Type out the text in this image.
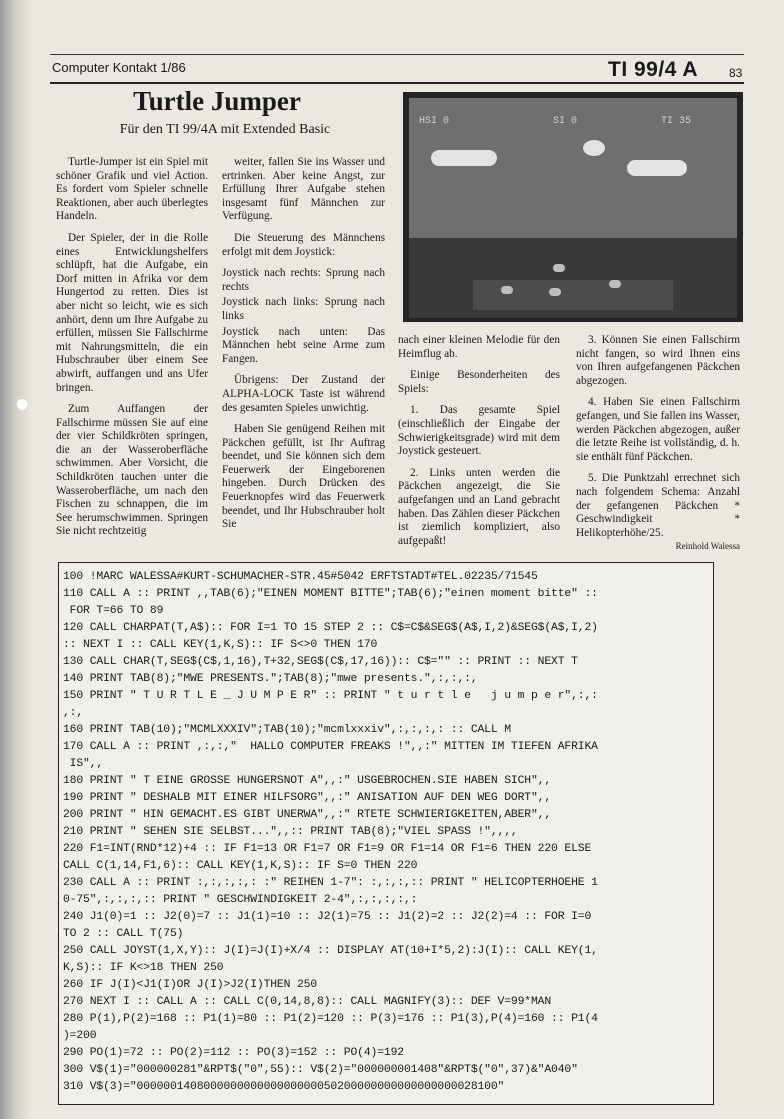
Computer Kontakt 1/86	TI 99/4 A	83
Turtle Jumper
Für den TI 99/4A mit Extended Basic
HSI 0	SI 0	TI 35

Turtle-Jumper ist ein Spiel mit schöner Grafik und viel Action. Es fordert vom Spieler schnelle Reaktionen, aber auch überlegtes Handeln.

Der Spieler, der in die Rolle eines Entwicklungshelfers schlüpft, hat die Aufgabe, ein Dorf mitten in Afrika vor dem Hungertod zu retten. Dies ist aber nicht so leicht, wie es sich anhört, denn um Ihre Aufgabe zu erfüllen, müssen Sie Fallschirme mit Nahrungsmitteln, die ein Hubschrauber über einem See abwirft, auffangen und ans Ufer bringen.

Zum Auffangen der Fallschirme müssen Sie auf eine der vier Schildkröten springen, die an der Wasseroberfläche schwimmen. Aber Vorsicht, die Schildkröten tauchen unter die Wasseroberfläche, um nach den Fischen zu schnappen, die im See herumschwimmen. Springen Sie nicht rechtzeitig

weiter, fallen Sie ins Wasser und ertrinken. Aber keine Angst, zur Erfüllung Ihrer Aufgabe stehen insgesamt fünf Männchen zur Verfügung.

Die Steuerung des Männchens erfolgt mit dem Joystick:

Joystick nach rechts: Sprung nach rechts

Joystick nach links: Sprung nach links

Joystick nach unten: Das Männchen hebt seine Arme zum Fangen.

Übrigens: Der Zustand der ALPHA-LOCK Taste ist während des gesamten Spieles unwichtig.

Haben Sie genügend Reihen mit Päckchen gefüllt, ist Ihr Auftrag beendet, und Sie können sich dem Feuerwerk der Eingeborenen hingeben. Durch Drücken des Feuerknopfes wird das Feuerwerk beendet, und Ihr Hubschrauber holt Sie

nach einer kleinen Melodie für den Heimflug ab.

Einige Besonderheiten des Spiels:

1. Das gesamte Spiel (einschließlich der Eingabe der Schwierigkeitsgrade) wird mit dem Joystick gesteuert.

2. Links unten werden die Päckchen angezeigt, die Sie aufgefangen und an Land gebracht haben. Das Zählen dieser Päckchen ist ziemlich kompliziert, also aufgepaßt!

3. Können Sie einen Fallschirm nicht fangen, so wird Ihnen eins von Ihren aufgefangenen Päckchen abgezogen.

4. Haben Sie einen Fallschirm gefangen, und Sie fallen ins Wasser, werden Päckchen abgezogen, außer die letzte Reihe ist vollständig, d. h. sie enthält fünf Päckchen.

5. Die Punktzahl errechnet sich nach folgendem Schema: Anzahl der gefangenen Päckchen * Geschwindigkeit * Helikopterhöhe/25.

Reinhold Walessa
●
100 !MARC WALESSA#KURT-SCHUMACHER-STR.45#5042 ERFTSTADT#TEL.02235/71545
110 CALL A :: PRINT ,,TAB(6);"EINEN MOMENT BITTE";TAB(6);"einen moment bitte" ::
FOR T=66 TO 89
120 CALL CHARPAT(T,A$):: FOR I=1 TO 15 STEP 2 :: C$=C$&SEG$(A$,I,2)&SEG$(A$,I,2)
:: NEXT I :: CALL KEY(1,K,S):: IF S<>0 THEN 170
130 CALL CHAR(T,SEG$(C$,1,16),T+32,SEG$(C$,17,16)):: C$="" :: PRINT :: NEXT T
140 PRINT TAB(8);"MWE PRESENTS.";TAB(8);"mwe presents.",:,:,:,
150 PRINT " T U R T L E _ J U M P E R" :: PRINT " t u r t l e   j u m p e r",:,:
,:,
160 PRINT TAB(10);"MCMLXXXIV";TAB(10);"mcmlxxxiv",:,:,:,: :: CALL M
170 CALL A :: PRINT ,:,:,"  HALLO COMPUTER FREAKS !",,:" MITTEN IM TIEFEN AFRIKA
IS",,
180 PRINT " T EINE GROSSE HUNGERSNOT A",,:" USGEBROCHEN.SIE HABEN SICH",,
190 PRINT " DESHALB MIT EINER HILFSORG",,:" ANISATION AUF DEN WEG DORT",,
200 PRINT " HIN GEMACHT.ES GIBT UNERWA",,:" RTETE SCHWIERIGKEITEN,ABER",,
210 PRINT " SEHEN SIE SELBST...",,:: PRINT TAB(8);"VIEL SPASS !",,,,
220 F1=INT(RND*12)+4 :: IF F1=13 OR F1=7 OR F1=9 OR F1=14 OR F1=6 THEN 220 ELSE
CALL C(1,14,F1,6):: CALL KEY(1,K,S):: IF S=0 THEN 220
230 CALL A :: PRINT :,:,:,:,: :" REIHEN 1-7": :,:,:,:: PRINT " HELICOPTERHOEHE 1
0-75",:,:,:,:: PRINT " GESCHWINDIGKEIT 2-4",:,:,:,:,:
240 J1(0)=1 :: J2(0)=7 :: J1(1)=10 :: J2(1)=75 :: J1(2)=2 :: J2(2)=4 :: FOR I=0
TO 2 :: CALL T(75)
250 CALL JOYST(1,X,Y):: J(I)=J(I)+X/4 :: DISPLAY AT(10+I*5,2):J(I):: CALL KEY(1,
K,S):: IF K<>18 THEN 250
260 IF J(I)<J1(I)OR J(I)>J2(I)THEN 250
270 NEXT I :: CALL A :: CALL C(0,14,8,8):: CALL MAGNIFY(3):: DEF V=99*MAN
280 P(1),P(2)=168 :: P1(1)=80 :: P1(2)=120 :: P(3)=176 :: P1(3),P(4)=160 :: P1(4
)=200
290 PO(1)=72 :: PO(2)=112 :: PO(3)=152 :: PO(4)=192
300 V$(1)="000000281"&RPT$("0",55):: V$(2)="000000001408"&RPT$("0",37)&"A040"
310 V$(3)="000000140800000000000000000050200000000000000000028100"
